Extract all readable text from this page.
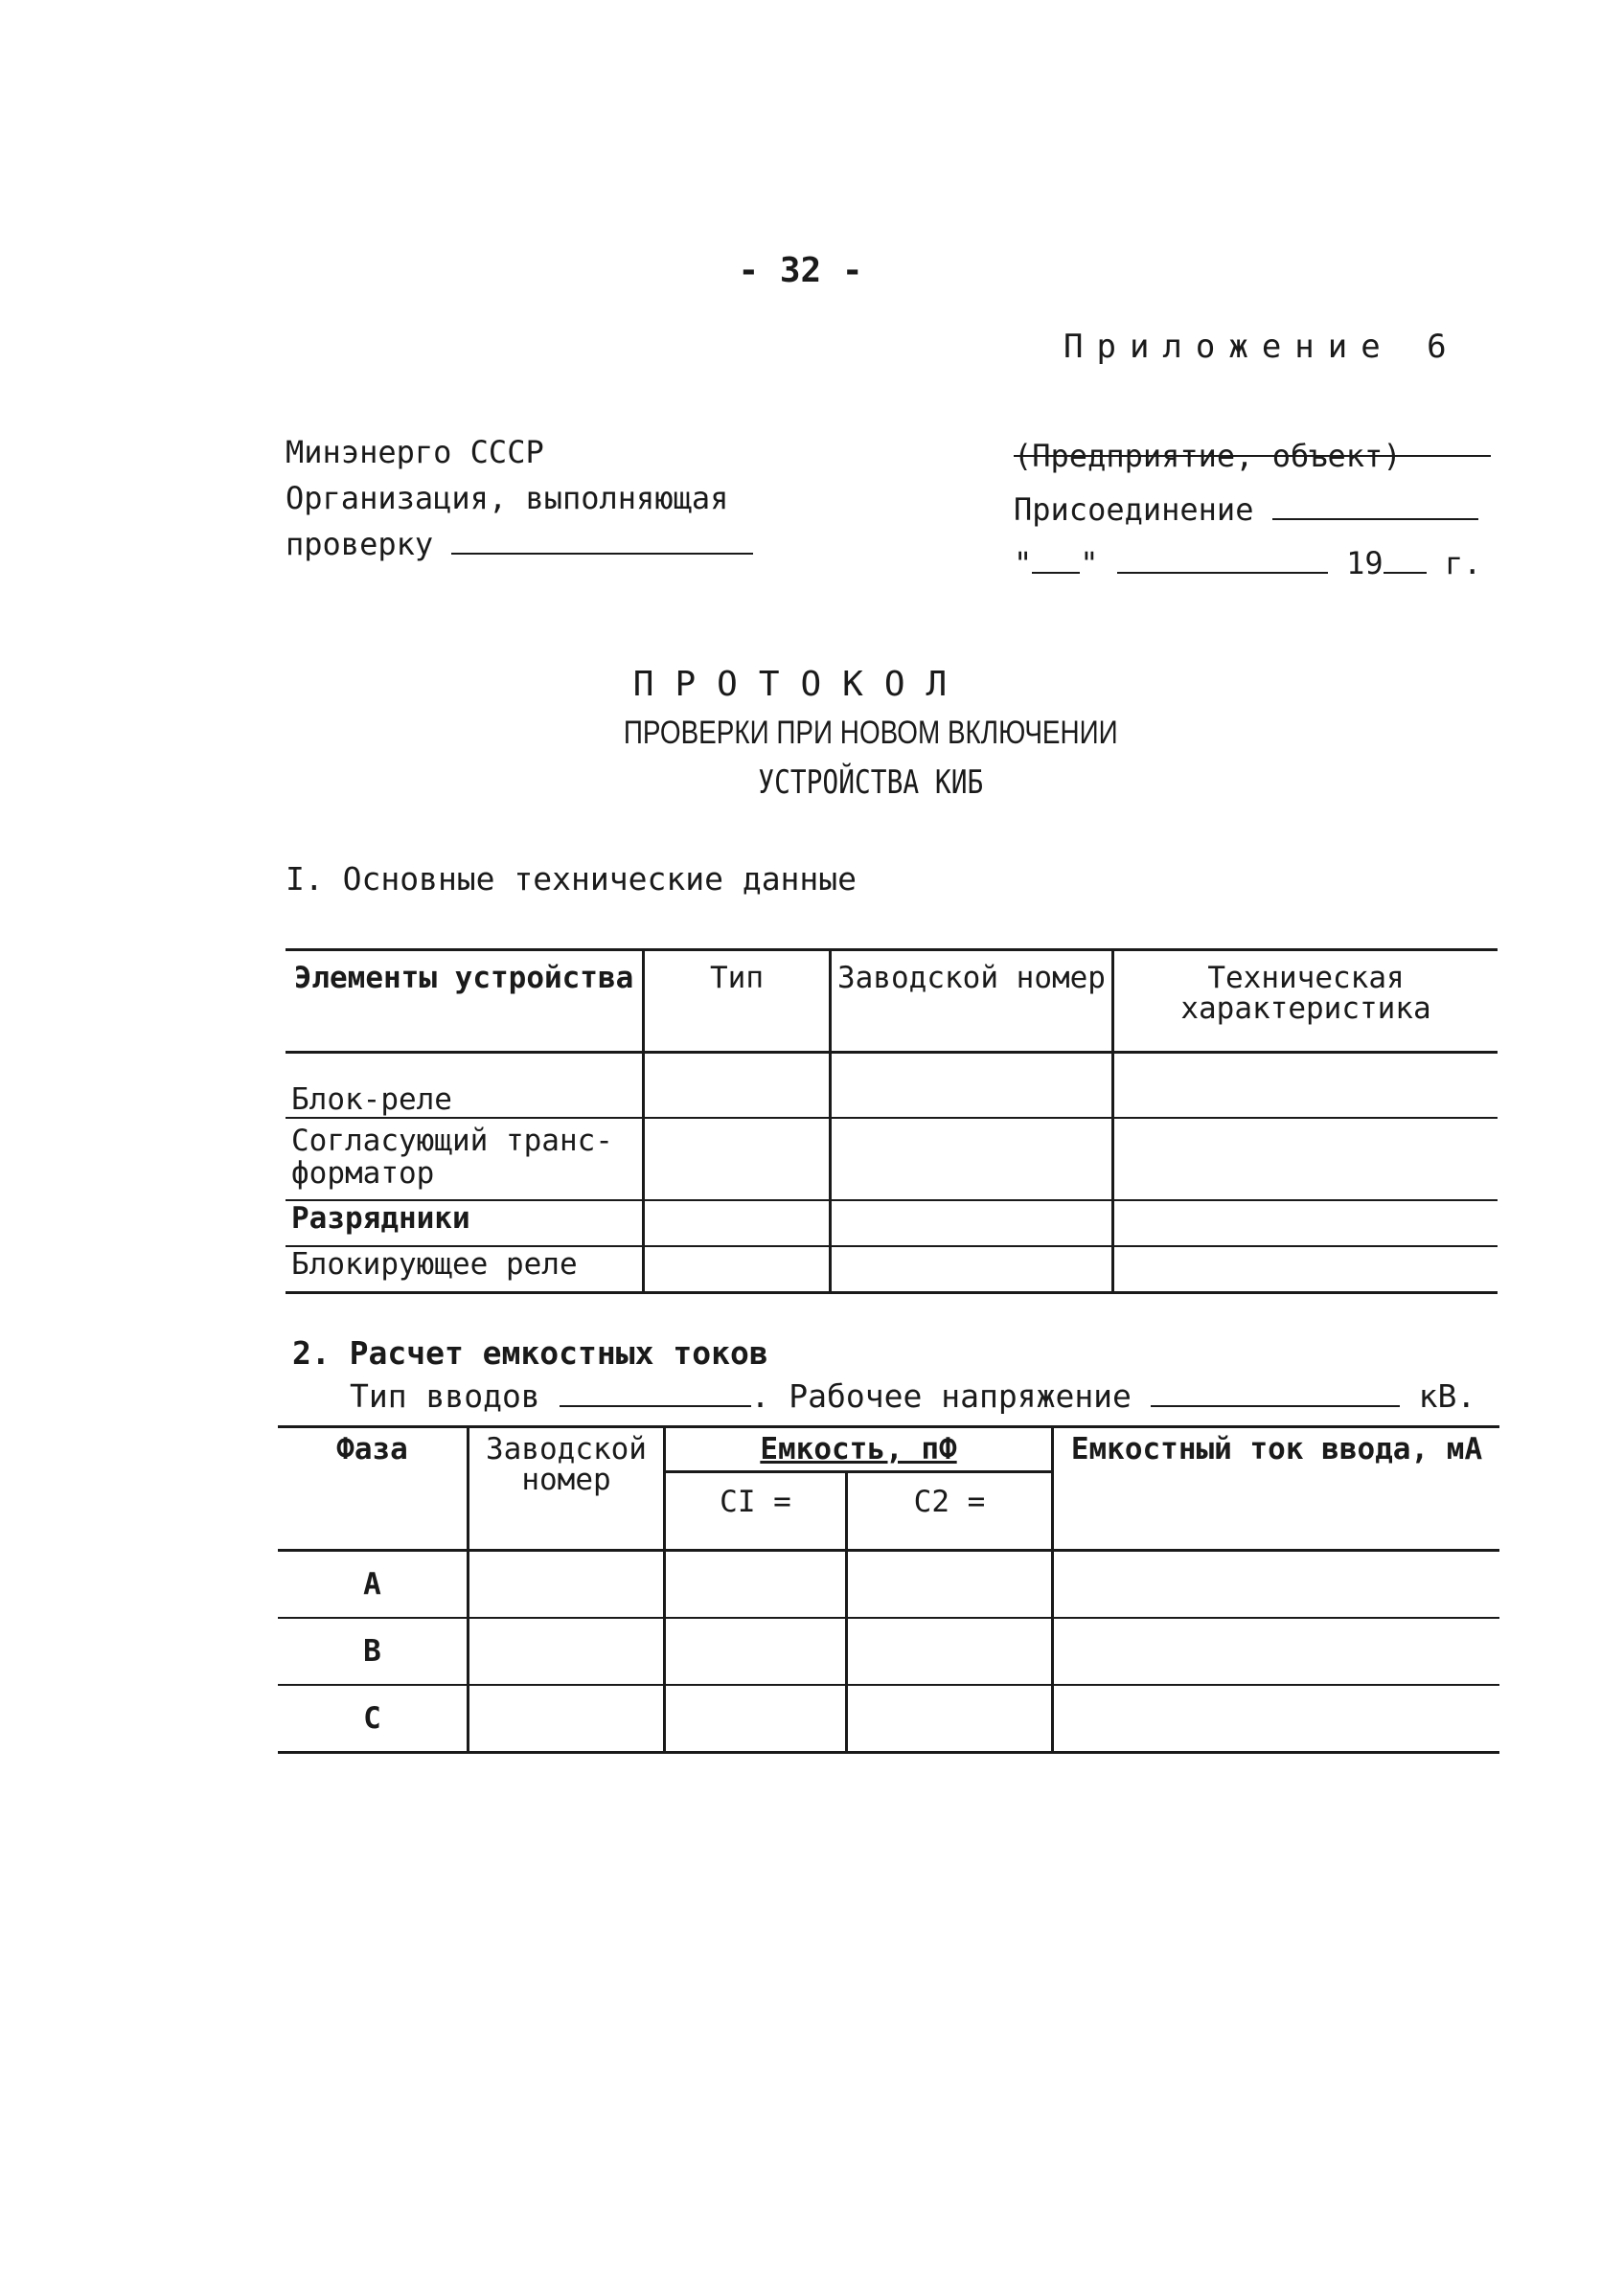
- 32 -
Приложение 6
Минэнерго СССР
Организация, выполняющая
проверку
(Предприятие, объект)
Присоединение
" "	19 г.
ПРОТОКОЛ
ПРОВЕРКИ ПРИ НОВОМ ВКЛЮЧЕНИИ
УСТРОЙСТВА КИБ
I. Основные технические данные
Элементы устройства	Тип	Заводской номер	Техническая характеристика
Блок-реле			
Согласующий транс-форматор			
Разрядники			
Блокирующее реле			
2. Расчет емкостных токов
Тип вводов	. Рабочее напряжение	кВ.
Фаза	Заводской номер	Емкость, пФ		Емкостный ток ввода, мА
		CI =	C2 =	
А				
В				
С				
